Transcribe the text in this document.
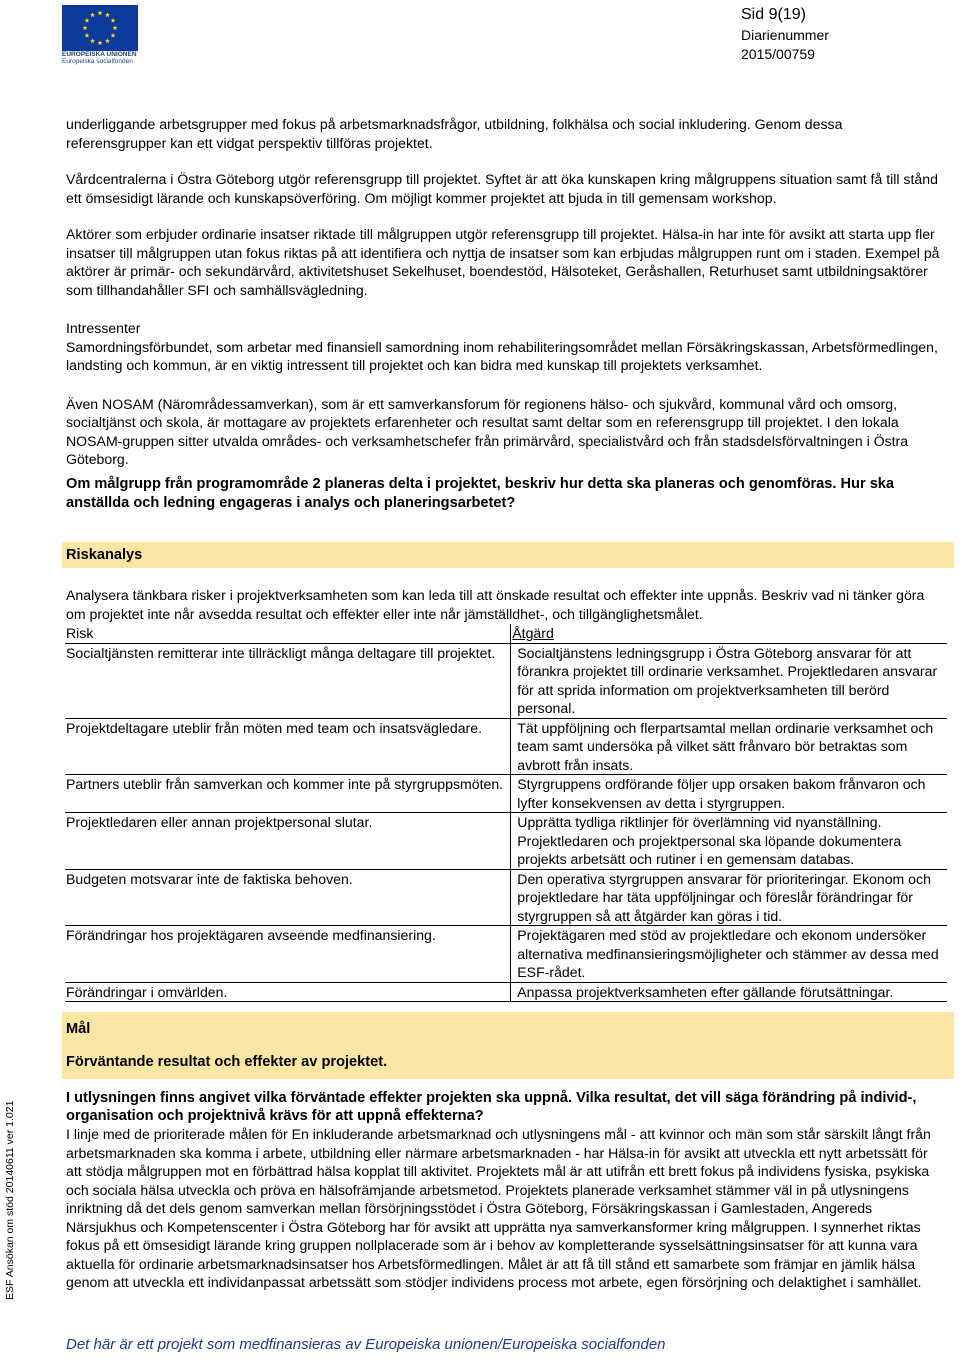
EUROPEISKA UNIONEN
Europeiska socialfonden
Sid 9(19)
Diarienummer
2015/00759
ESF Ansökan om stöd 20140611 ver 1.021

underliggande arbetsgrupper med fokus på arbetsmarknadsfrågor, utbildning, folkhälsa och social inkludering. Genom dessa referensgrupper kan ett vidgat perspektiv tillföras projektet.

Vårdcentralerna i Östra Göteborg utgör referensgrupp till projektet. Syftet är att öka kunskapen kring målgruppens situation samt få till stånd ett ömsesidigt lärande och kunskapsöverföring. Om möjligt kommer projektet att bjuda in till gemensam workshop.

Aktörer som erbjuder ordinarie insatser riktade till målgruppen utgör referensgrupp till projektet. Hälsa-in har inte för avsikt att starta upp fler insatser till målgruppen utan fokus riktas på att identifiera och nyttja de insatser som kan erbjudas målgruppen runt om i staden. Exempel på aktörer är primär- och sekundärvård, aktivitetshuset Sekelhuset, boendestöd, Hälsoteket, Geråshallen, Returhuset samt utbildningsaktörer som tillhandahåller SFI och samhällsvägledning.

Intressenter

Samordningsförbundet, som arbetar med finansiell samordning inom rehabiliteringsområdet mellan Försäkringskassan, Arbetsförmedlingen, landsting och kommun, är en viktig intressent till projektet och kan bidra med kunskap till projektets verksamhet.

Även NOSAM (Närområdessamverkan), som är ett samverkansforum för regionens hälso- och sjukvård, kommunal vård och omsorg, socialtjänst och skola, är mottagare av projektets erfarenheter och resultat samt deltar som en referensgrupp till projektet. I den lokala NOSAM-gruppen sitter utvalda områdes- och verksamhetschefer från primärvård, specialistvård och från stadsdelsförvaltningen i Östra Göteborg.

Om målgrupp från programområde 2 planeras delta i projektet, beskriv hur detta ska planeras och genomföras. Hur ska anställda och ledning engageras i analys och planeringsarbetet?

Riskanalys

Analysera tänkbara risker i projektverksamheten som kan leda till att önskade resultat och effekter inte uppnås. Beskriv vad ni tänker göra om projektet inte når avsedda resultat och effekter eller inte når jämställdhet-, och tillgänglighetsmålet.

Risk	Åtgärd
Socialtjänsten remitterar inte tillräckligt många deltagare till projektet.	Socialtjänstens ledningsgrupp i Östra Göteborg ansvarar för att förankra projektet till ordinarie verksamhet. Projektledaren ansvarar för att sprida information om projektverksamheten till berörd personal.
Projektdeltagare uteblir från möten med team och insatsvägledare.	Tät uppföljning och flerpartsamtal mellan ordinarie verksamhet och team samt undersöka på vilket sätt frånvaro bör betraktas som avbrott från insats.
Partners uteblir från samverkan och kommer inte på styrgruppsmöten.	Styrgruppens ordförande följer upp orsaken bakom frånvaron och lyfter konsekvensen av detta i styrgruppen.
Projektledaren eller annan projektpersonal slutar.	Upprätta tydliga riktlinjer för överlämning vid nyanställning. Projektledaren och projektpersonal ska löpande dokumentera projekts arbetsätt och rutiner i en gemensam databas.
Budgeten motsvarar inte de faktiska behoven.	Den operativa styrgruppen ansvarar för prioriteringar. Ekonom och projektledare har täta uppföljningar och föreslår förändringar för styrgruppen så att åtgärder kan göras i tid.
Förändringar hos projektägaren avseende medfinansiering.	Projektägaren med stöd av projektledare och ekonom undersöker alternativa medfinansieringsmöjligheter och stämmer av dessa med ESF-rådet.
Förändringar i omvärlden.	Anpassa projektverksamheten efter gällande förutsättningar.
Mål
Förväntande resultat och effekter av projektet.

I utlysningen finns angivet vilka förväntade effekter projekten ska uppnå. Vilka resultat, det vill säga förändring på individ-, organisation och projektnivå krävs för att uppnå effekterna?

I linje med de prioriterade målen för En inkluderande arbetsmarknad och utlysningens mål - att kvinnor och män som står särskilt långt från arbetsmarknaden ska komma i arbete, utbildning eller närmare arbetsmarknaden - har Hälsa-in för avsikt att utveckla ett nytt arbetssätt för att stödja målgruppen mot en förbättrad hälsa kopplat till aktivitet. Projektets mål är att utifrån ett brett fokus på individens fysiska, psykiska och sociala hälsa utveckla och pröva en hälsofrämjande arbetsmetod. Projektets planerade verksamhet stämmer väl in på utlysningens inriktning då det dels genom samverkan mellan försörjningsstödet i Östra Göteborg, Försäkringskassan i Gamlestaden, Angereds Närsjukhus och Kompetenscenter i Östra Göteborg har för avsikt att upprätta nya samverkansformer kring målgruppen. I synnerhet riktas fokus på ett ömsesidigt lärande kring gruppen nollplacerade som är i behov av kompletterande sysselsättningsinsatser för att kunna vara aktuella för ordinarie arbetsmarknadsinsatser hos Arbetsförmedlingen. Målet är att få till stånd ett samarbete som främjar en jämlik hälsa genom att utveckla ett individanpassat arbetssätt som stödjer individens process mot arbete, egen försörjning och delaktighet i samhället.

Det här är ett projekt som medfinansieras av Europeiska unionen/Europeiska socialfonden
